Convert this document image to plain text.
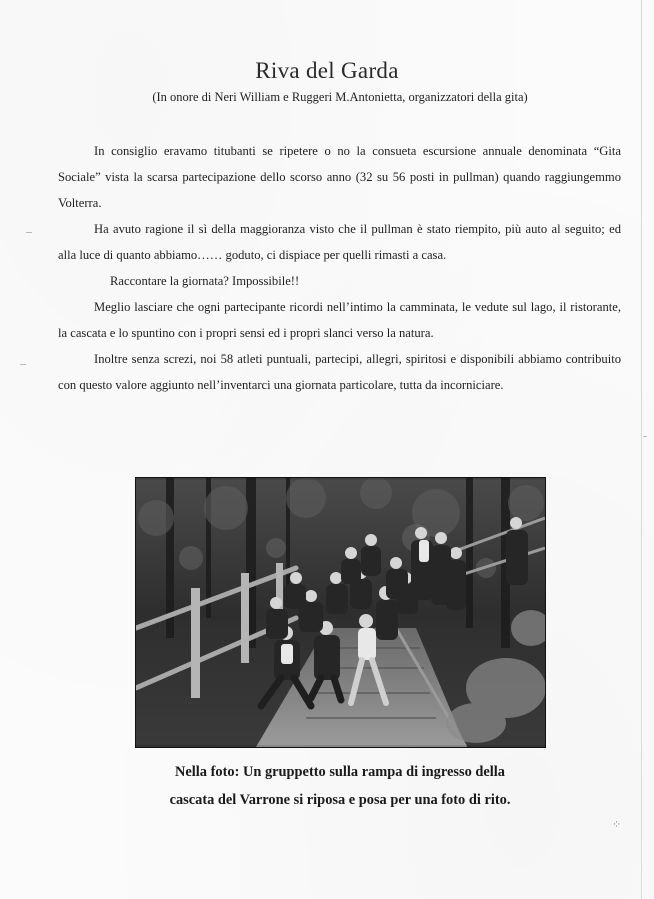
Riva del Garda
(In onore di Neri William e Ruggeri M.Antonietta, organizzatori della gita)

In consiglio eravamo titubanti se ripetere o no la consueta escursione annuale denominata “Gita Sociale” vista la scarsa partecipazione dello scorso anno (32 su 56 posti in pullman) quando raggiungemmo Volterra.

Ha avuto ragione il sì della maggioranza visto che il pullman è stato riempito, più auto al seguito; ed alla luce di quanto abbiamo…… goduto, ci dispiace per quelli rimasti a casa.

Raccontare la giornata? Impossibile!!

Meglio lasciare che ogni partecipante ricordi nell’intimo la camminata, le vedute sul lago, il ristorante, la cascata e lo spuntino con i propri sensi ed i propri slanci verso la natura.

Inoltre senza screzi, noi 58 atleti puntuali, partecipi, allegri, spiritosi e disponibili abbiamo contribuito con questo valore aggiunto nell’inventarci una giornata particolare, tutta da incorniciare.

Nella foto: Un gruppetto sulla rampa di ingresso della
cascata del Varrone si riposa e posa per una foto di rito.
⁘
